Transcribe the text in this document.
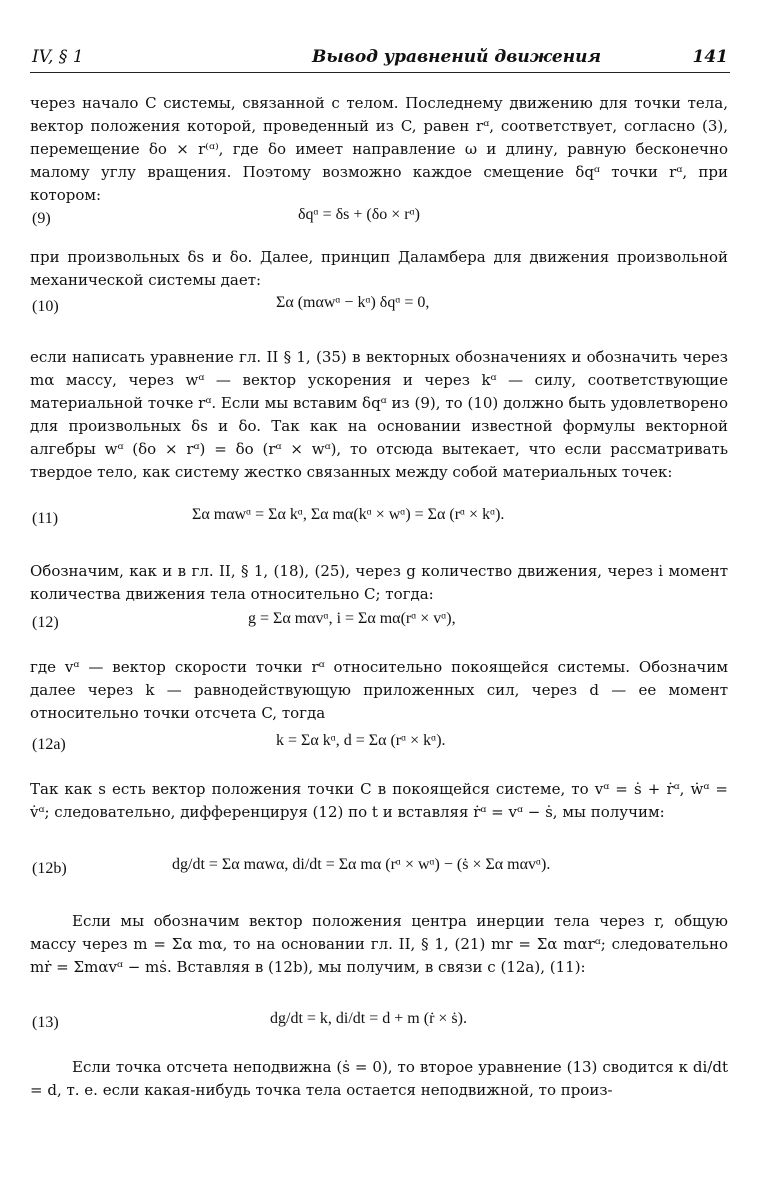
IV, § 1	Вывод уравнений движения	141
через начало C системы, связанной с телом. Последнему движению для точки тела, вектор положения которой, проведенный из C, равен rᵅ, соответствует, согласно (3), перемещение δo × r⁽ᵅ⁾, где δo имеет направление ω и длину, равную бесконечно малому углу вращения. Поэтому возможно каждое смещение δqᵅ точки rᵅ, при котором:
(9)	δqᵅ = δs + (δo × rᵅ)
при произвольных δs и δo. Далее, принцип Даламбера для движения произвольной механической системы дает:
(10)	Σα (mαwᵅ − kᵅ) δqᵅ = 0,
если написать уравнение гл. II § 1, (35) в векторных обозначениях и обозначить через mα массу, через wᵅ — вектор ускорения и через kᵅ — силу, соответствующие материальной точке rᵅ. Если мы вставим δqᵅ из (9), то (10) должно быть удовлетворено для произвольных δs и δo. Так как на основании известной формулы векторной алгебры wᵅ (δo × rᵅ) = δo (rᵅ × wᵅ), то отсюда вытекает, что если рассматривать твердое тело, как систему жестко связанных между собой материальных точек:
(11)	Σα mαwᵅ = Σα kᵅ, Σα mα(kᵅ × wᵅ) = Σα (rᵅ × kᵅ).
Обозначим, как и в гл. II, § 1, (18), (25), через g количество движения, через i момент количества движения тела относительно C; тогда:
(12)	g = Σα mαvᵅ, i = Σα mα(rᵅ × vᵅ),
где vᵅ — вектор скорости точки rᵅ относительно покоящейся системы. Обозначим далее через k — равнодействующую приложенных сил, через d — ее момент относительно точки отсчета C, тогда
(12a)	k = Σα kᵅ, d = Σα (rᵅ × kᵅ).
Так как s есть вектор положения точки C в покоящейся системе, то vᵅ = ṡ + ṙᵅ, ẇᵅ = v̇ᵅ; следовательно, дифференцируя (12) по t и вставляя ṙᵅ = vᵅ − ṡ, мы получим:
(12b)	dg/dt = Σα mαwα, di/dt = Σα mα (rᵅ × wᵅ) − (ṡ × Σα mαvᵅ).
Если мы обозначим вектор положения центра инерции тела через r, общую массу через m = Σα mα, то на основании гл. II, § 1, (21) mr = Σα mαrᵅ; следовательно mṙ = Σmαvᵅ − mṡ. Вставляя в (12b), мы получим, в связи с (12a), (11):
(13)	dg/dt = k, di/dt = d + m (ṙ × ṡ).
Если точка отсчета неподвижна (ṡ = 0), то второе уравнение (13) сводится к di/dt = d, т. е. если какая-нибудь точка тела остается неподвижной, то произ-
